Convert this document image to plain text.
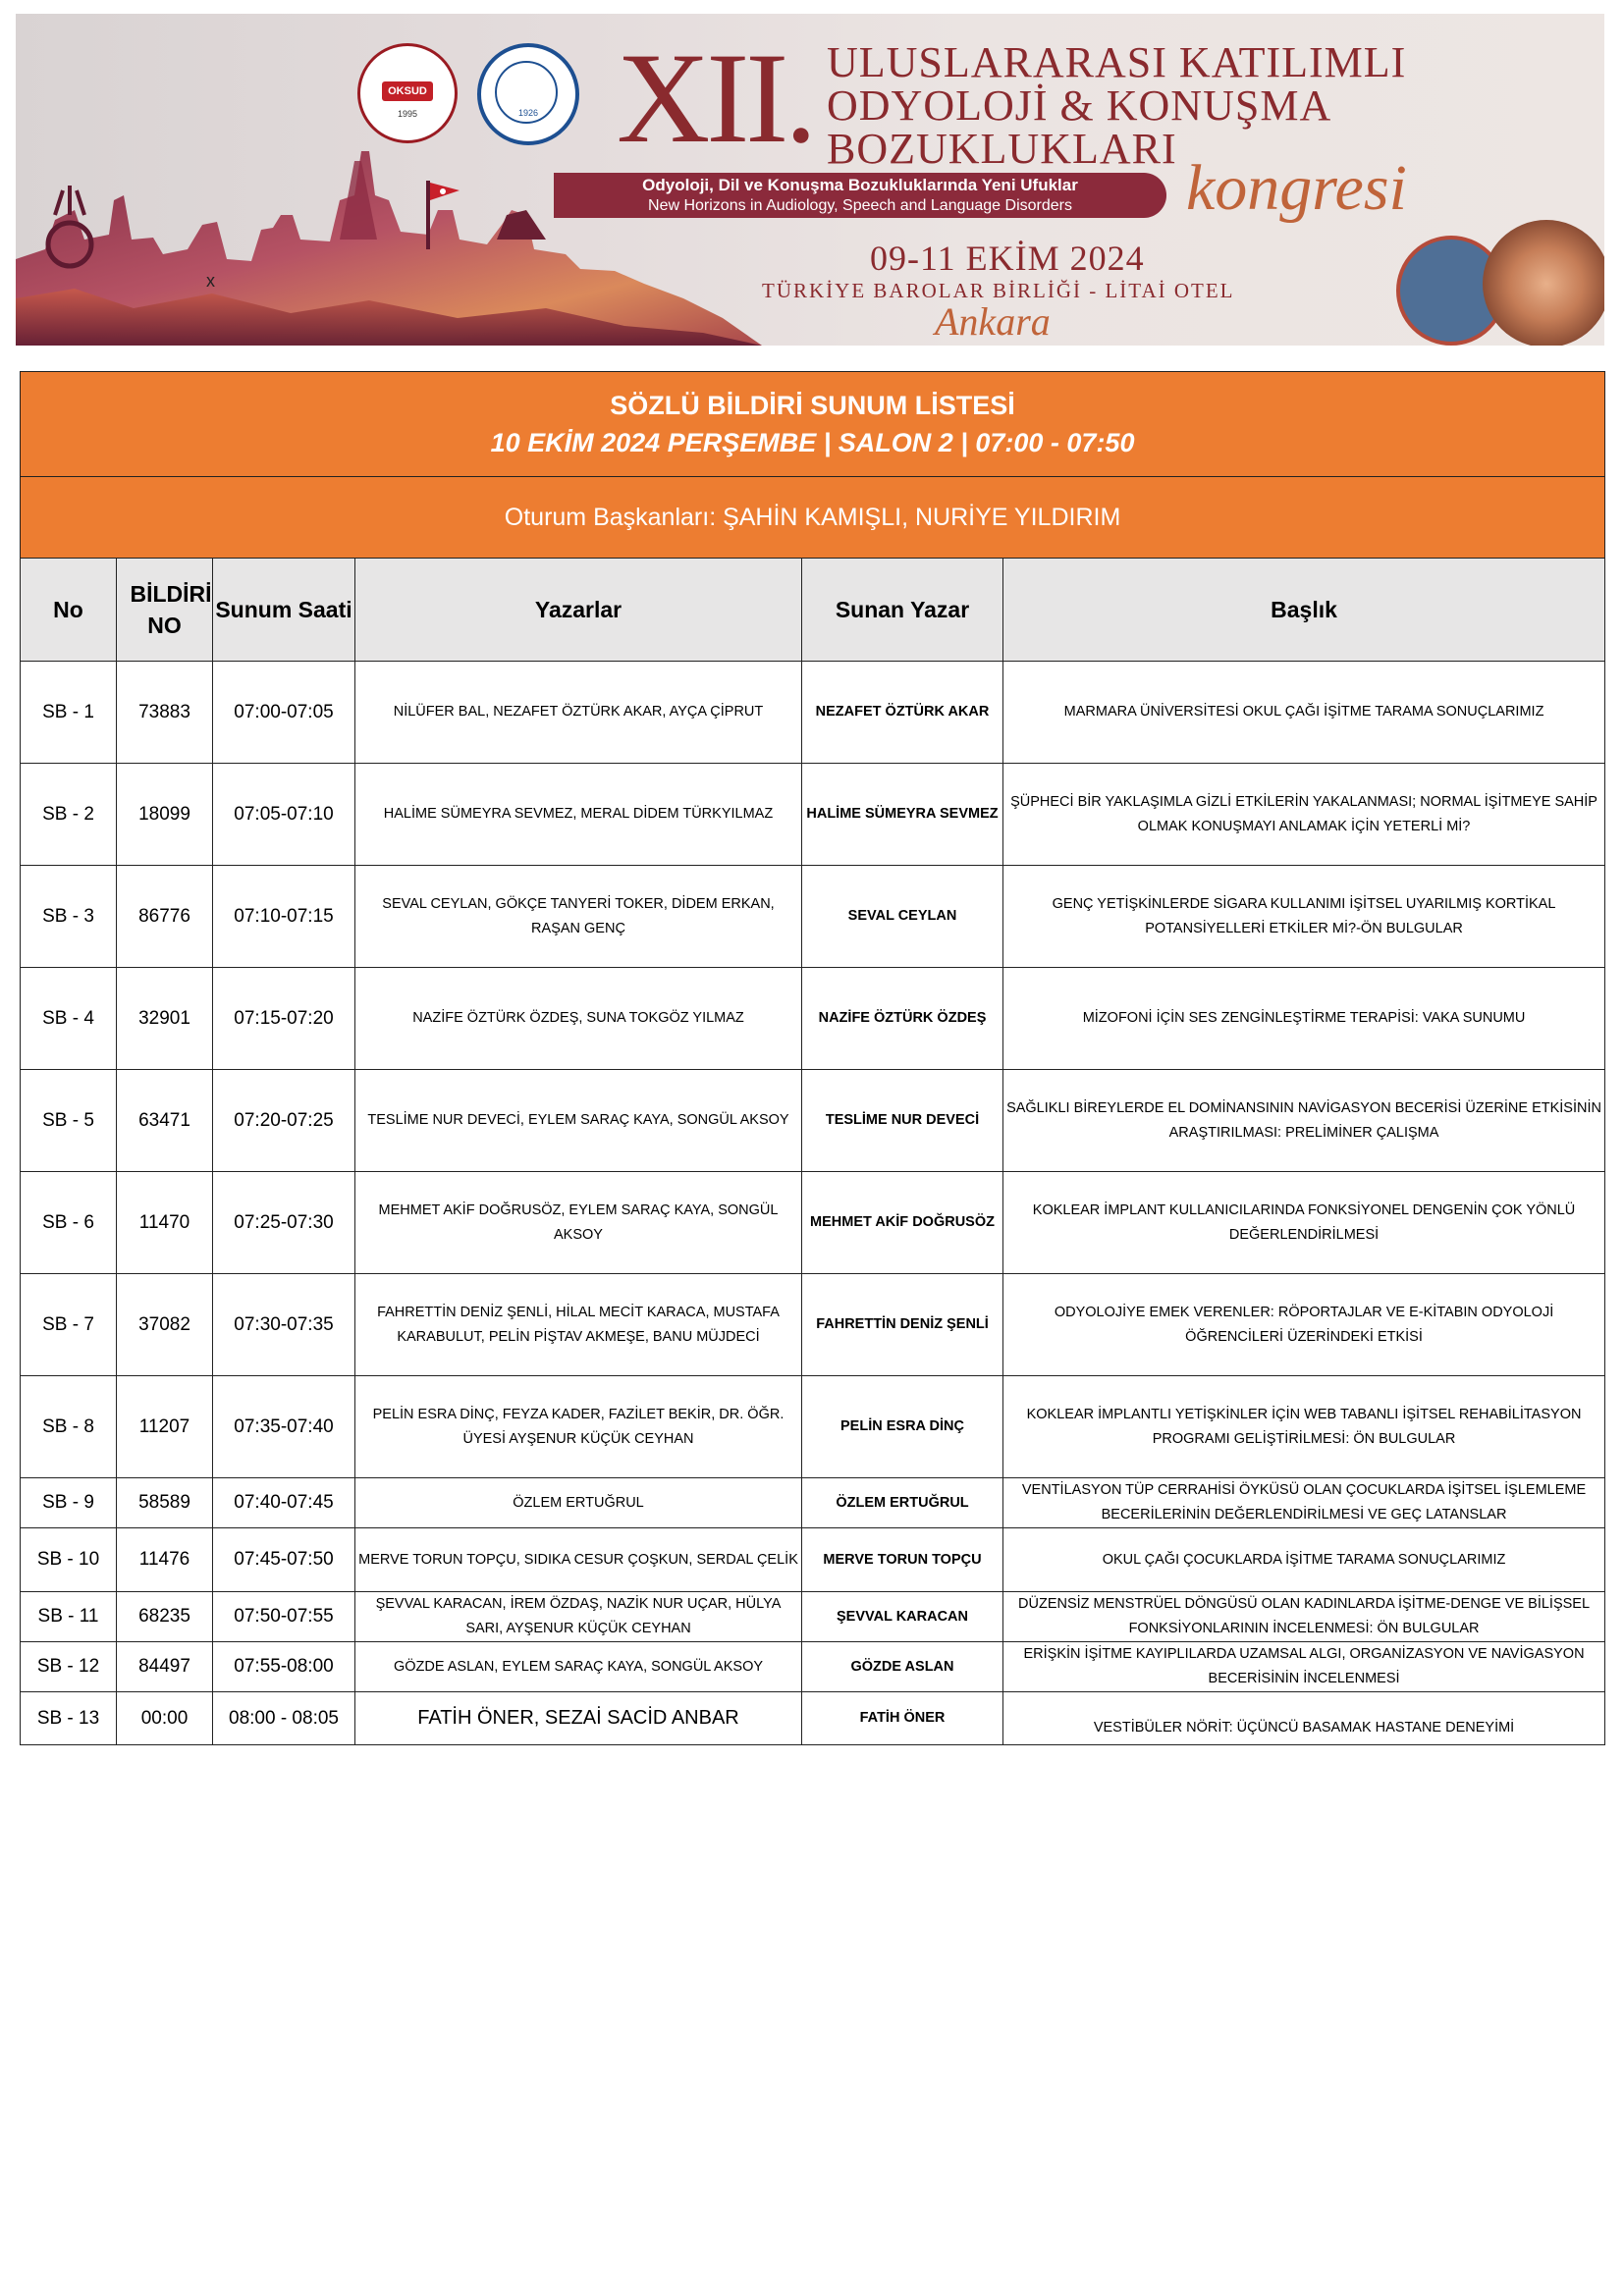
OKSUD
1995	1926 XII. ULUSLARARASI KATILIMLI
ODYOLOJİ & KONUŞMA
BOZUKLUKLARI
Odyoloji, Dil ve Konuşma Bozukluklarında Yeni Ufuklar
New Horizons in Audiology, Speech and Language Disorders	kongresi
09-11 EKİM 2024
TÜRKİYE BAROLAR BİRLİĞİ - LİTAİ OTEL
Ankara
x
SÖZLÜ BİLDİRİ SUNUM LİSTESİ
10 EKİM 2024 PERŞEMBE | SALON 2 | 07:00 - 07:50					

Oturum Başkanları: ŞAHİN KAMIŞLI, NURİYE YILDIRIM					
No	BİLDİRİ NO	Sunum Saati	Yazarlar	Sunan Yazar	Başlık
SB - 1	73883	07:00-07:05	NİLÜFER BAL, NEZAFET ÖZTÜRK AKAR, AYÇA ÇİPRUT	NEZAFET ÖZTÜRK AKAR	MARMARA ÜNİVERSİTESİ OKUL ÇAĞI İŞİTME TARAMA SONUÇLARIMIZ
SB - 2	18099	07:05-07:10	HALİME SÜMEYRA SEVMEZ, MERAL DİDEM TÜRKYILMAZ	HALİME SÜMEYRA SEVMEZ	ŞÜPHECİ BİR YAKLAŞIMLA GİZLİ ETKİLERİN YAKALANMASI; NORMAL İŞİTMEYE SAHİP OLMAK KONUŞMAYI ANLAMAK İÇİN YETERLİ Mİ?
SB - 3	86776	07:10-07:15	SEVAL CEYLAN, GÖKÇE TANYERİ TOKER, DİDEM ERKAN, RAŞAN GENÇ	SEVAL CEYLAN	GENÇ YETİŞKİNLERDE SİGARA KULLANIMI İŞİTSEL UYARILMIŞ KORTİKAL POTANSİYELLERİ ETKİLER Mİ?-ÖN BULGULAR
SB - 4	32901	07:15-07:20	NAZİFE ÖZTÜRK ÖZDEŞ, SUNA TOKGÖZ YILMAZ	NAZİFE ÖZTÜRK ÖZDEŞ	MİZOFONİ İÇİN SES ZENGİNLEŞTİRME TERAPİSİ: VAKA SUNUMU
SB - 5	63471	07:20-07:25	TESLİME NUR DEVECİ, EYLEM SARAÇ KAYA, SONGÜL AKSOY	TESLİME NUR DEVECİ	SAĞLIKLI BİREYLERDE EL DOMİNANSININ NAVİGASYON BECERİSİ ÜZERİNE ETKİSİNİN ARAŞTIRILMASI: PRELİMİNER ÇALIŞMA
SB - 6	11470	07:25-07:30	MEHMET AKİF DOĞRUSÖZ, EYLEM SARAÇ KAYA, SONGÜL AKSOY	MEHMET AKİF DOĞRUSÖZ	KOKLEAR İMPLANT KULLANICILARINDA FONKSİYONEL DENGENİN ÇOK YÖNLÜ DEĞERLENDİRİLMESİ
SB - 7	37082	07:30-07:35	FAHRETTİN DENİZ ŞENLİ, HİLAL MECİT KARACA, MUSTAFA KARABULUT, PELİN PİŞTAV AKMEŞE, BANU MÜJDECİ	FAHRETTİN DENİZ ŞENLİ	ODYOLOJİYE EMEK VERENLER: RÖPORTAJLAR VE E-KİTABIN ODYOLOJİ ÖĞRENCİLERİ ÜZERİNDEKİ ETKİSİ
SB - 8	11207	07:35-07:40	PELİN ESRA DİNÇ, FEYZA KADER, FAZİLET BEKİR, DR. ÖĞR. ÜYESİ AYŞENUR KÜÇÜK CEYHAN	PELİN ESRA DİNÇ	KOKLEAR İMPLANTLI YETİŞKİNLER İÇİN WEB TABANLI İŞİTSEL REHABİLİTASYON PROGRAMI GELİŞTİRİLMESİ: ÖN BULGULAR
SB - 9	58589	07:40-07:45	ÖZLEM ERTUĞRUL	ÖZLEM ERTUĞRUL	VENTİLASYON TÜP CERRAHİSİ ÖYKÜSÜ OLAN ÇOCUKLARDA İŞİTSEL İŞLEMLEME BECERİLERİNİN DEĞERLENDİRİLMESİ VE GEÇ LATANSLAR
SB - 10	11476	07:45-07:50	MERVE TORUN TOPÇU, SIDIKA CESUR ÇOŞKUN, SERDAL ÇELİK	MERVE TORUN TOPÇU	OKUL ÇAĞI ÇOCUKLARDA İŞİTME TARAMA SONUÇLARIMIZ
SB - 11	68235	07:50-07:55	ŞEVVAL KARACAN, İREM ÖZDAŞ, NAZİK NUR UÇAR, HÜLYA SARI, AYŞENUR KÜÇÜK CEYHAN	ŞEVVAL KARACAN	DÜZENSİZ MENSTRÜEL DÖNGÜSÜ OLAN KADINLARDA İŞİTME-DENGE VE BİLİŞSEL FONKSİYONLARININ İNCELENMESİ: ÖN BULGULAR
SB - 12	84497	07:55-08:00	GÖZDE ASLAN, EYLEM SARAÇ KAYA, SONGÜL AKSOY	GÖZDE ASLAN	ERİŞKİN İŞİTME KAYIPLILARDA UZAMSAL ALGI, ORGANİZASYON VE NAVİGASYON BECERİSİNİN İNCELENMESİ
SB - 13	00:00	08:00 - 08:05	FATİH ÖNER, SEZAİ SACİD ANBAR	FATİH ÖNER	VESTİBÜLER NÖRİT: ÜÇÜNCÜ BASAMAK HASTANE DENEYİMİ
